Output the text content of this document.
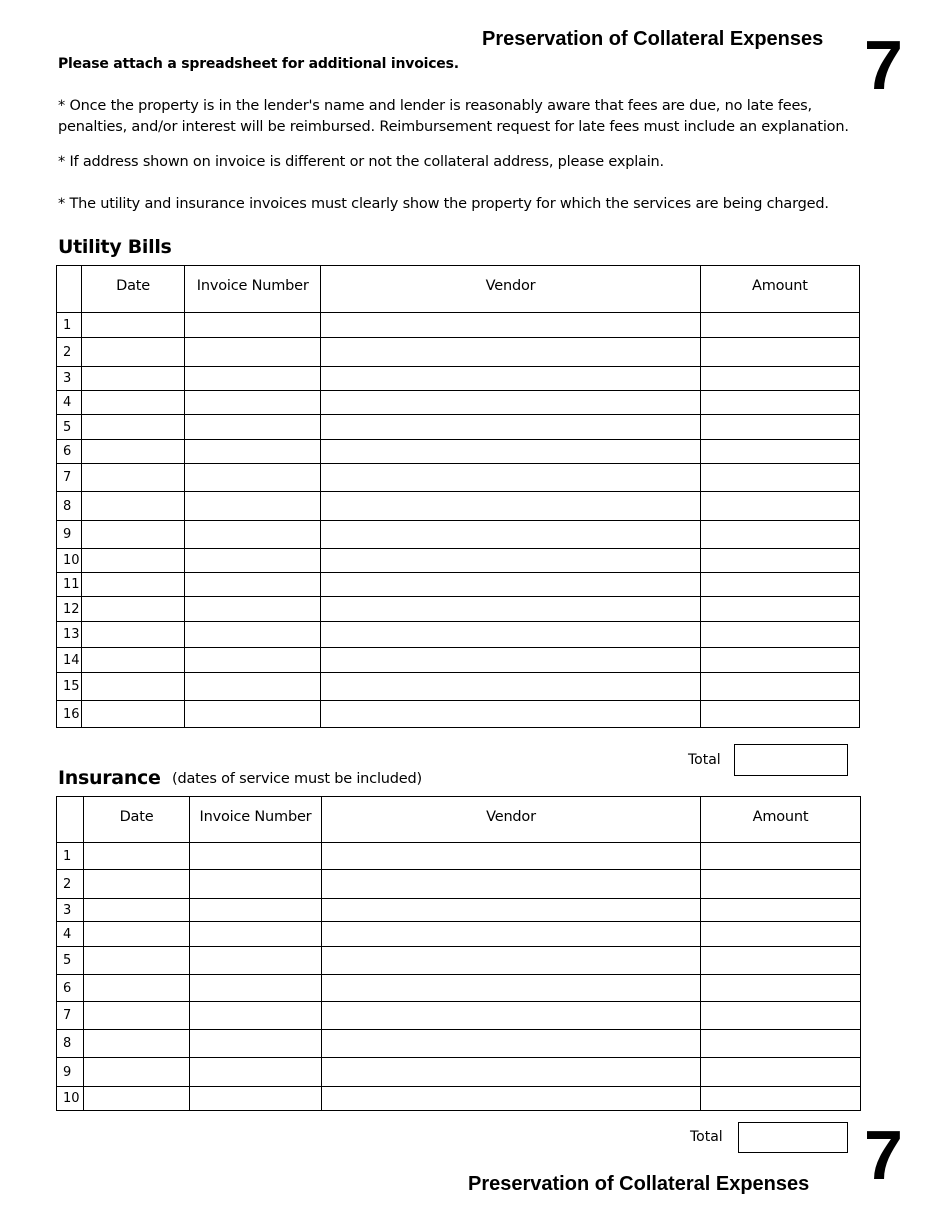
Preservation of Collateral Expenses 7
Please attach a spreadsheet for additional invoices.
* Once the property is in the lender's name and lender is reasonably aware that fees are due, no late fees, penalties, and/or interest will be reimbursed. Reimbursement request for late fees must include an explanation.
* If address shown on invoice is different or not the collateral address, please explain.
* The utility and insurance invoices must clearly show the property for which the services are being charged.
Utility Bills
	Date	Invoice Number	Vendor	Amount
1				
2				
3				
4				
5				
6				
7				
8				
9				
10				
11				
12				
13				
14				
15				
16				
Total
Insurance (dates of service must be included)
	Date	Invoice Number	Vendor	Amount
1				
2				
3				
4				
5				
6				
7				
8				
9				
10				
Total
Preservation of Collateral Expenses 7
